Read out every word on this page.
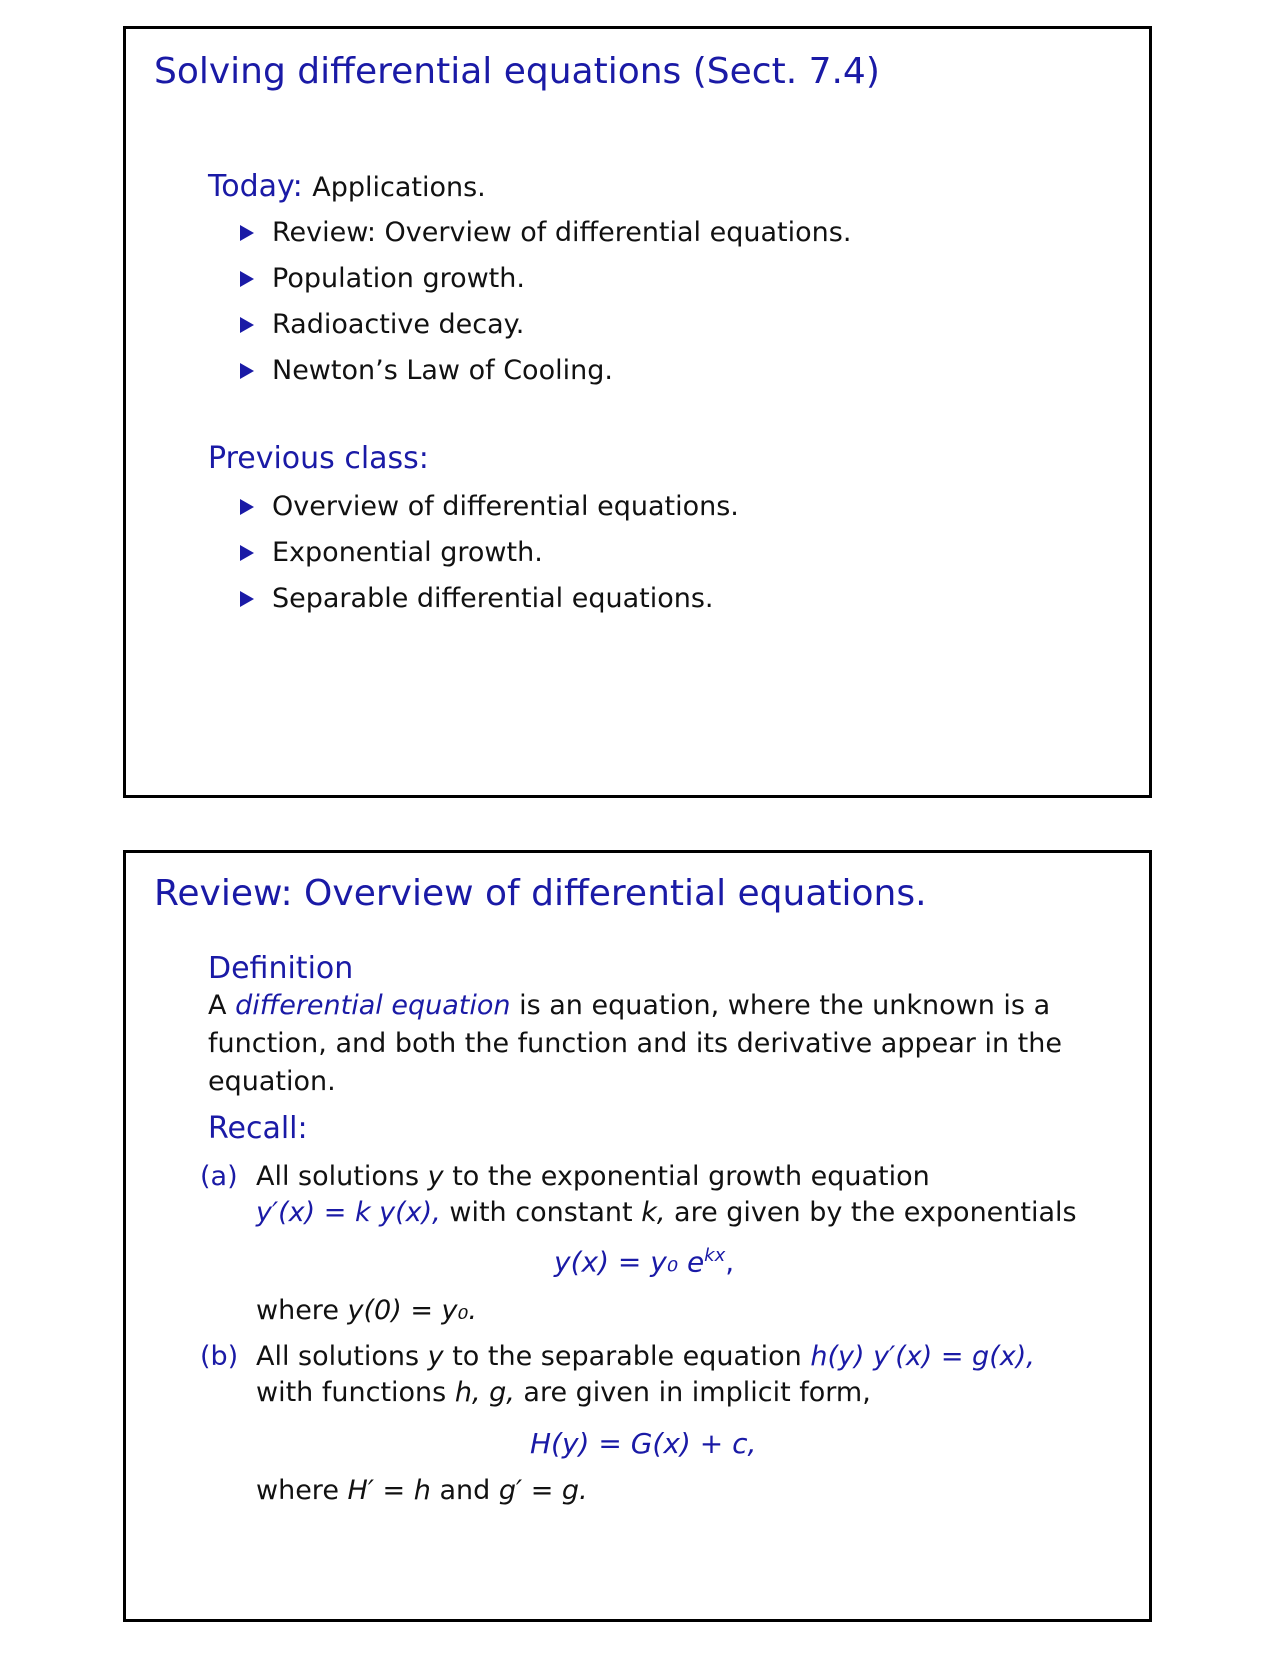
Solving differential equations (Sect. 7.4)
Today: Applications.
Review: Overview of differential equations.
Population growth.
Radioactive decay.
Newton’s Law of Cooling.
Previous class:
Overview of differential equations.
Exponential growth.
Separable differential equations.
Review: Overview of differential equations.
Definition
A differential equation is an equation, where the unknown is a
function, and both the function and its derivative appear in the
equation.
Recall:
(a) All solutions y to the exponential growth equation
y′(x) = k y(x), with constant k, are given by the exponentials
y(x) = y₀ $e^{kx}$,
where y(0) = y₀.
(b) All solutions y to the separable equation h(y) y′(x) = g(x),
with functions h, g, are given in implicit form,
H(y) = G(x) + c,
where H′ = h and g′ = g.
